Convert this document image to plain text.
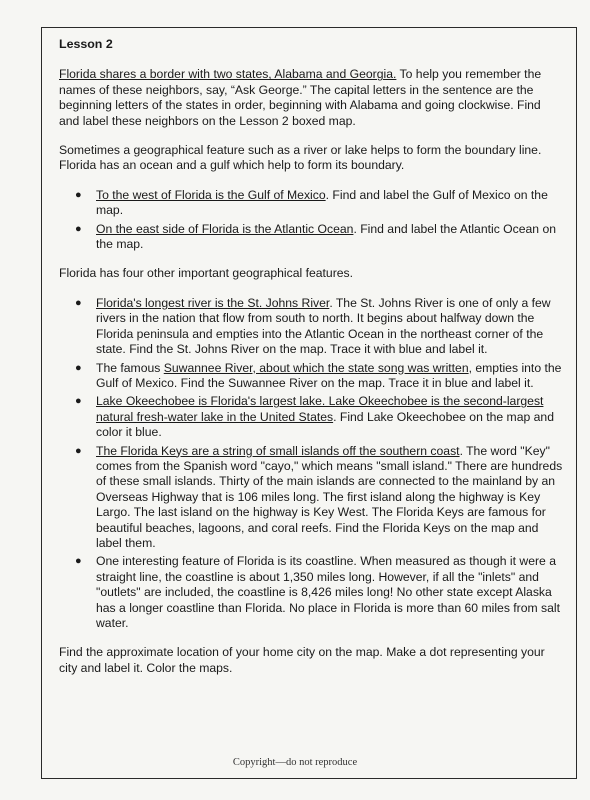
Lesson 2

Florida shares a border with two states, Alabama and Georgia. To help you remember the names of these neighbors, say, “Ask George.” The capital letters in the sentence are the beginning letters of the states in order, beginning with Alabama and going clockwise. Find and label these neighbors on the Lesson 2 boxed map.

Sometimes a geographical feature such as a river or lake helps to form the boundary line. Florida has an ocean and a gulf which help to form its boundary.

● To the west of Florida is the Gulf of Mexico. Find and label the Gulf of Mexico on the map.
● On the east side of Florida is the Atlantic Ocean. Find and label the Atlantic Ocean on the map.

Florida has four other important geographical features.

● Florida's longest river is the St. Johns River. The St. Johns River is one of only a few rivers in the nation that flow from south to north. It begins about halfway down the Florida peninsula and empties into the Atlantic Ocean in the northeast corner of the state. Find the St. Johns River on the map. Trace it with blue and label it.
● The famous Suwannee River, about which the state song was written, empties into the Gulf of Mexico. Find the Suwannee River on the map. Trace it in blue and label it.
● Lake Okeechobee is Florida's largest lake. Lake Okeechobee is the second-largest natural fresh-water lake in the United States. Find Lake Okeechobee on the map and color it blue.
● The Florida Keys are a string of small islands off the southern coast. The word "Key" comes from the Spanish word "cayo," which means "small island." There are hundreds of these small islands. Thirty of the main islands are connected to the mainland by an Overseas Highway that is 106 miles long. The first island along the highway is Key Largo. The last island on the highway is Key West. The Florida Keys are famous for beautiful beaches, lagoons, and coral reefs. Find the Florida Keys on the map and label them.
● One interesting feature of Florida is its coastline. When measured as though it were a straight line, the coastline is about 1,350 miles long. However, if all the "inlets" and "outlets" are included, the coastline is 8,426 miles long! No other state except Alaska has a longer coastline than Florida. No place in Florida is more than 60 miles from salt water.

Find the approximate location of your home city on the map. Make a dot representing your city and label it. Color the maps.

Copyright—do not reproduce
